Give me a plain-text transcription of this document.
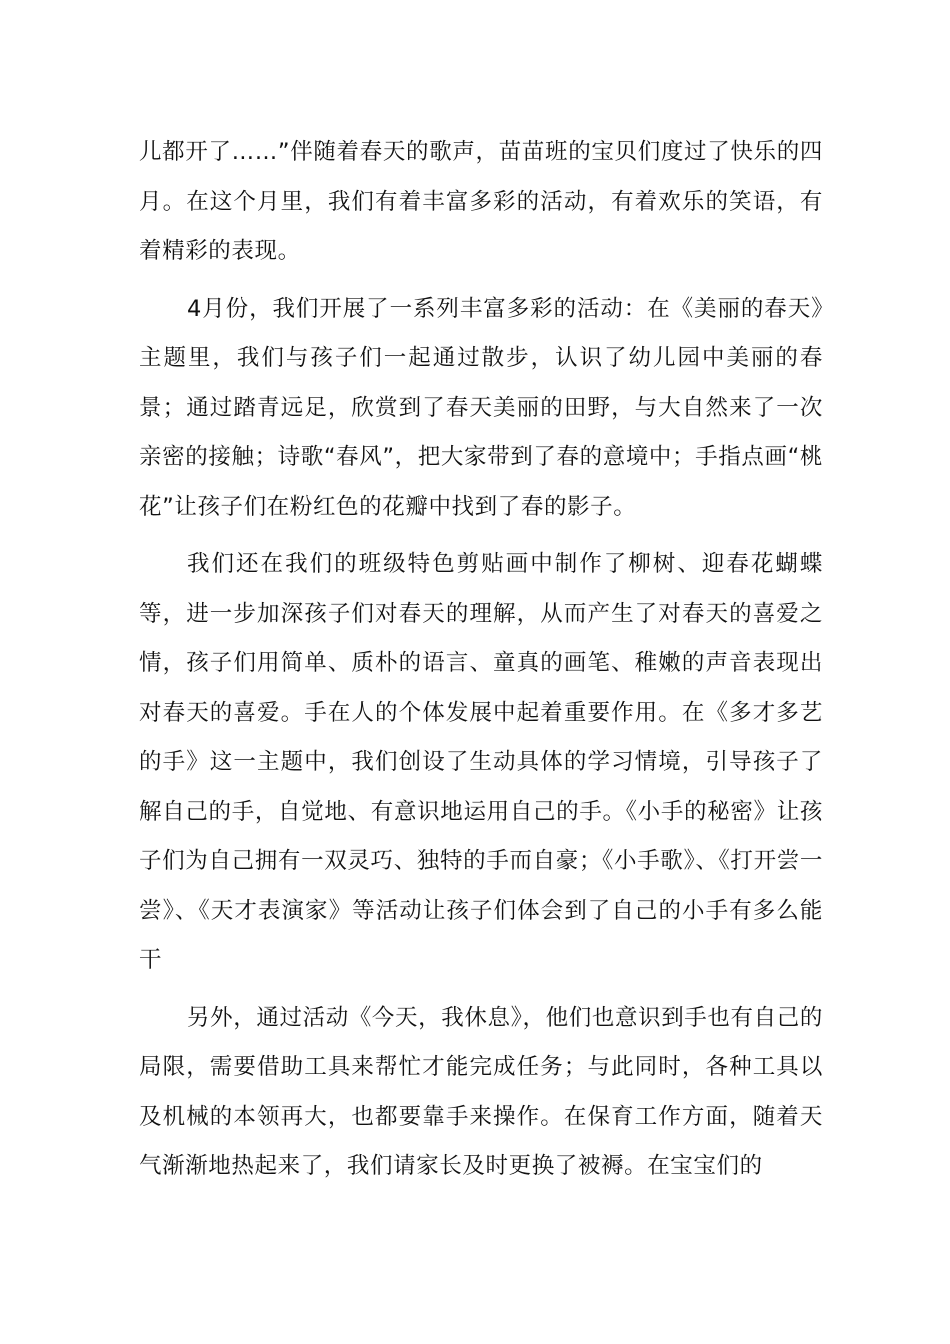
儿都开了……”伴随着春天的歌声，苗苗班的宝贝们度过了快乐的四月。在这个月里，我们有着丰富多彩的活动，有着欢乐的笑语，有着精彩的表现。

4月份，我们开展了一系列丰富多彩的活动：在《美丽的春天》主题里，我们与孩子们一起通过散步，认识了幼儿园中美丽的春景；通过踏青远足，欣赏到了春天美丽的田野，与大自然来了一次亲密的接触；诗歌“春风”，把大家带到了春的意境中；手指点画“桃花”让孩子们在粉红色的花瓣中找到了春的影子。

我们还在我们的班级特色剪贴画中制作了柳树、迎春花蝴蝶等，进一步加深孩子们对春天的理解，从而产生了对春天的喜爱之情，孩子们用简单、质朴的语言、童真的画笔、稚嫩的声音表现出对春天的喜爱。手在人的个体发展中起着重要作用。在《多才多艺的手》这一主题中，我们创设了生动具体的学习情境，引导孩子了解自己的手，自觉地、有意识地运用自己的手。《小手的秘密》让孩子们为自己拥有一双灵巧、独特的手而自豪；《小手歌》、《打开尝一尝》、《天才表演家》等活动让孩子们体会到了自己的小手有多么能干

另外，通过活动《今天，我休息》，他们也意识到手也有自己的局限，需要借助工具来帮忙才能完成任务；与此同时，各种工具以及机械的本领再大，也都要靠手来操作。在保育工作方面，随着天气渐渐地热起来了，我们请家长及时更换了被褥。在宝宝们的
